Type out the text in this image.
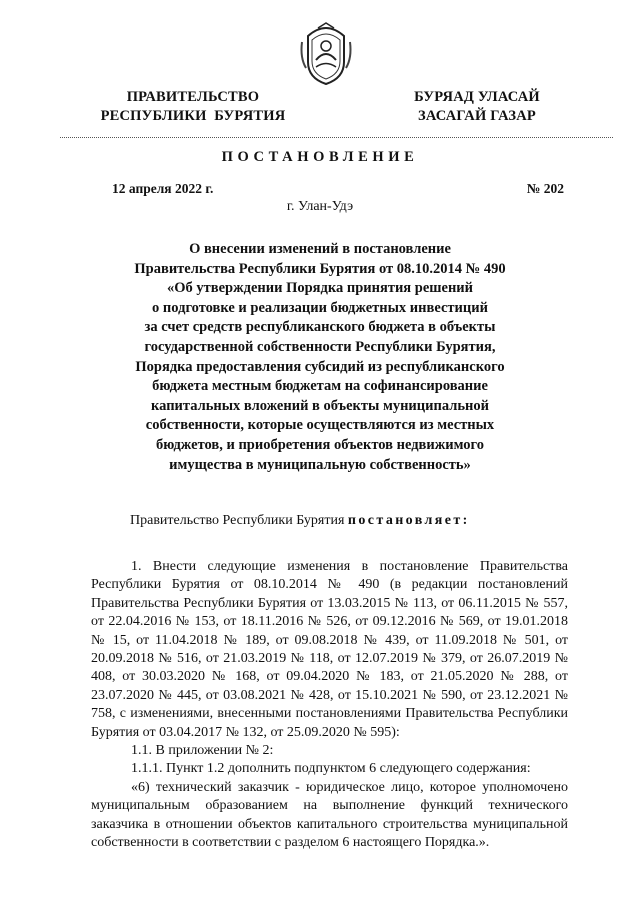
ПРАВИТЕЛЬСТВО
РЕСПУБЛИКИ  БУРЯТИЯ
БУРЯАД УЛАСАЙ
ЗАСАГАЙ ГАЗАР
ПОСТАНОВЛЕНИЕ
12 апреля 2022 г.	№ 202
г. Улан-Удэ
О внесении изменений в постановление
Правительства Республики Бурятия от 08.10.2014 № 490
«Об утверждении Порядка принятия решений
о подготовке и реализации бюджетных инвестиций
за счет средств республиканского бюджета в объекты
государственной собственности Республики Бурятия,
Порядка предоставления субсидий из республиканского
бюджета местным бюджетам на софинансирование
капитальных вложений в объекты муниципальной
собственности, которые осуществляются из местных
бюджетов, и приобретения объектов недвижимого
имущества в муниципальную собственность»
Правительство Республики Бурятия постановляет:

1. Внести следующие изменения в постановление Правительства Республики Бурятия от 08.10.2014 № 490 (в редакции постановлений Правительства Республики Бурятия от 13.03.2015 № 113, от 06.11.2015 № 557, от 22.04.2016 № 153, от 18.11.2016 № 526, от 09.12.2016 № 569, от 19.01.2018 № 15, от 11.04.2018 № 189, от 09.08.2018 № 439, от 11.09.2018 № 501, от 20.09.2018 № 516, от 21.03.2019 № 118, от 12.07.2019 № 379, от 26.07.2019 № 408, от 30.03.2020 № 168, от 09.04.2020 № 183, от 21.05.2020 № 288, от 23.07.2020 № 445, от 03.08.2021 № 428, от 15.10.2021 № 590, от 23.12.2021 № 758, с изменениями, внесенными постановлениями Правительства Республики Бурятия от 03.04.2017 № 132, от 25.09.2020 № 595):

1.1. В приложении № 2:

1.1.1. Пункт 1.2 дополнить подпунктом 6 следующего содержания:

«6) технический заказчик - юридическое лицо, которое уполномочено муниципальным образованием на выполнение функций технического заказчика в отношении объектов капитального строительства муниципальной собственности в соответствии с разделом 6 настоящего Порядка.».
